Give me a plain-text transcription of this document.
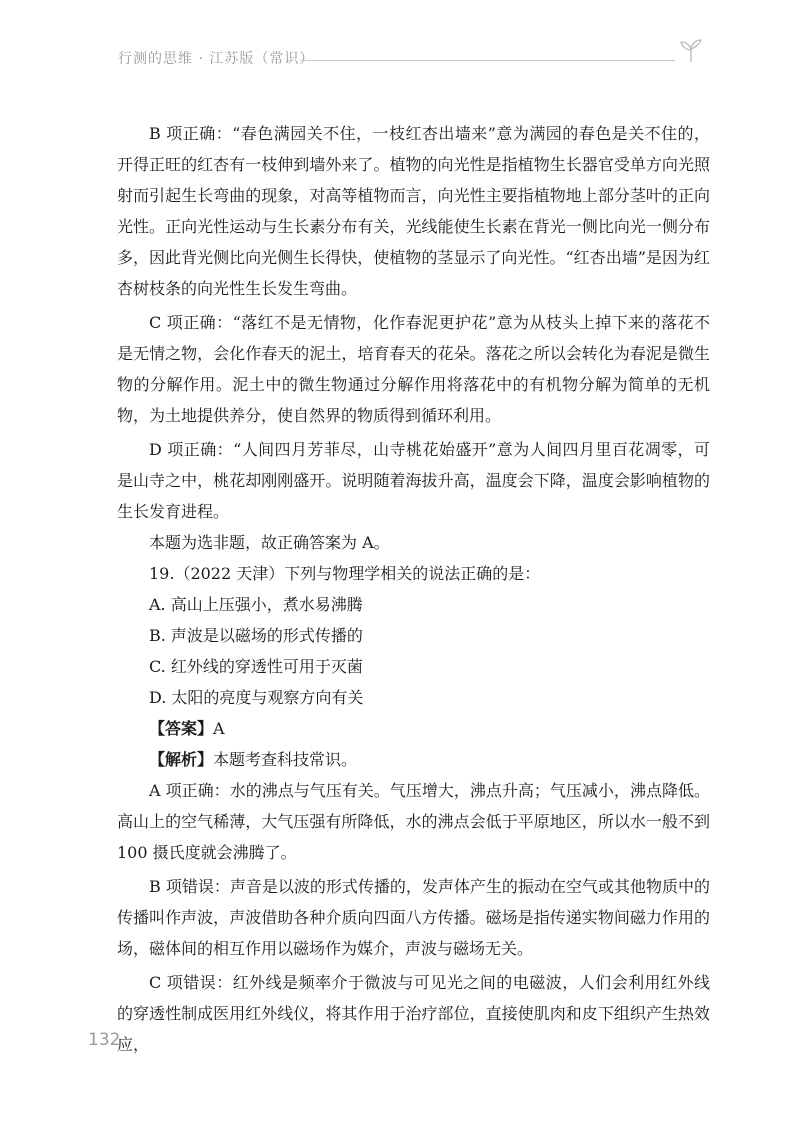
行测的思维 · 江苏版（常识）

B 项正确：“春色满园关不住，一枝红杏出墙来”意为满园的春色是关不住的，开得正旺的红杏有一枝伸到墙外来了。植物的向光性是指植物生长器官受单方向光照射而引起生长弯曲的现象，对高等植物而言，向光性主要指植物地上部分茎叶的正向光性。正向光性运动与生长素分布有关，光线能使生长素在背光一侧比向光一侧分布多，因此背光侧比向光侧生长得快，使植物的茎显示了向光性。“红杏出墙”是因为红杏树枝条的向光性生长发生弯曲。

C 项正确：“落红不是无情物，化作春泥更护花”意为从枝头上掉下来的落花不是无情之物，会化作春天的泥土，培育春天的花朵。落花之所以会转化为春泥是微生物的分解作用。泥土中的微生物通过分解作用将落花中的有机物分解为简单的无机物，为土地提供养分，使自然界的物质得到循环利用。

D 项正确：“人间四月芳菲尽，山寺桃花始盛开”意为人间四月里百花凋零，可是山寺之中，桃花却刚刚盛开。说明随着海拔升高，温度会下降，温度会影响植物的生长发育进程。

本题为选非题，故正确答案为 A。

19.（2022 天津）下列与物理学相关的说法正确的是：

A. 高山上压强小，煮水易沸腾

B. 声波是以磁场的形式传播的

C. 红外线的穿透性可用于灭菌

D. 太阳的亮度与观察方向有关

【答案】A

【解析】本题考查科技常识。

A 项正确：水的沸点与气压有关。气压增大，沸点升高；气压减小，沸点降低。高山上的空气稀薄，大气压强有所降低，水的沸点会低于平原地区，所以水一般不到 100 摄氏度就会沸腾了。

B 项错误：声音是以波的形式传播的，发声体产生的振动在空气或其他物质中的传播叫作声波，声波借助各种介质向四面八方传播。磁场是指传递实物间磁力作用的场，磁体间的相互作用以磁场作为媒介，声波与磁场无关。

C 项错误：红外线是频率介于微波与可见光之间的电磁波，人们会利用红外线的穿透性制成医用红外线仪，将其作用于治疗部位，直接使肌肉和皮下组织产生热效应，

132
